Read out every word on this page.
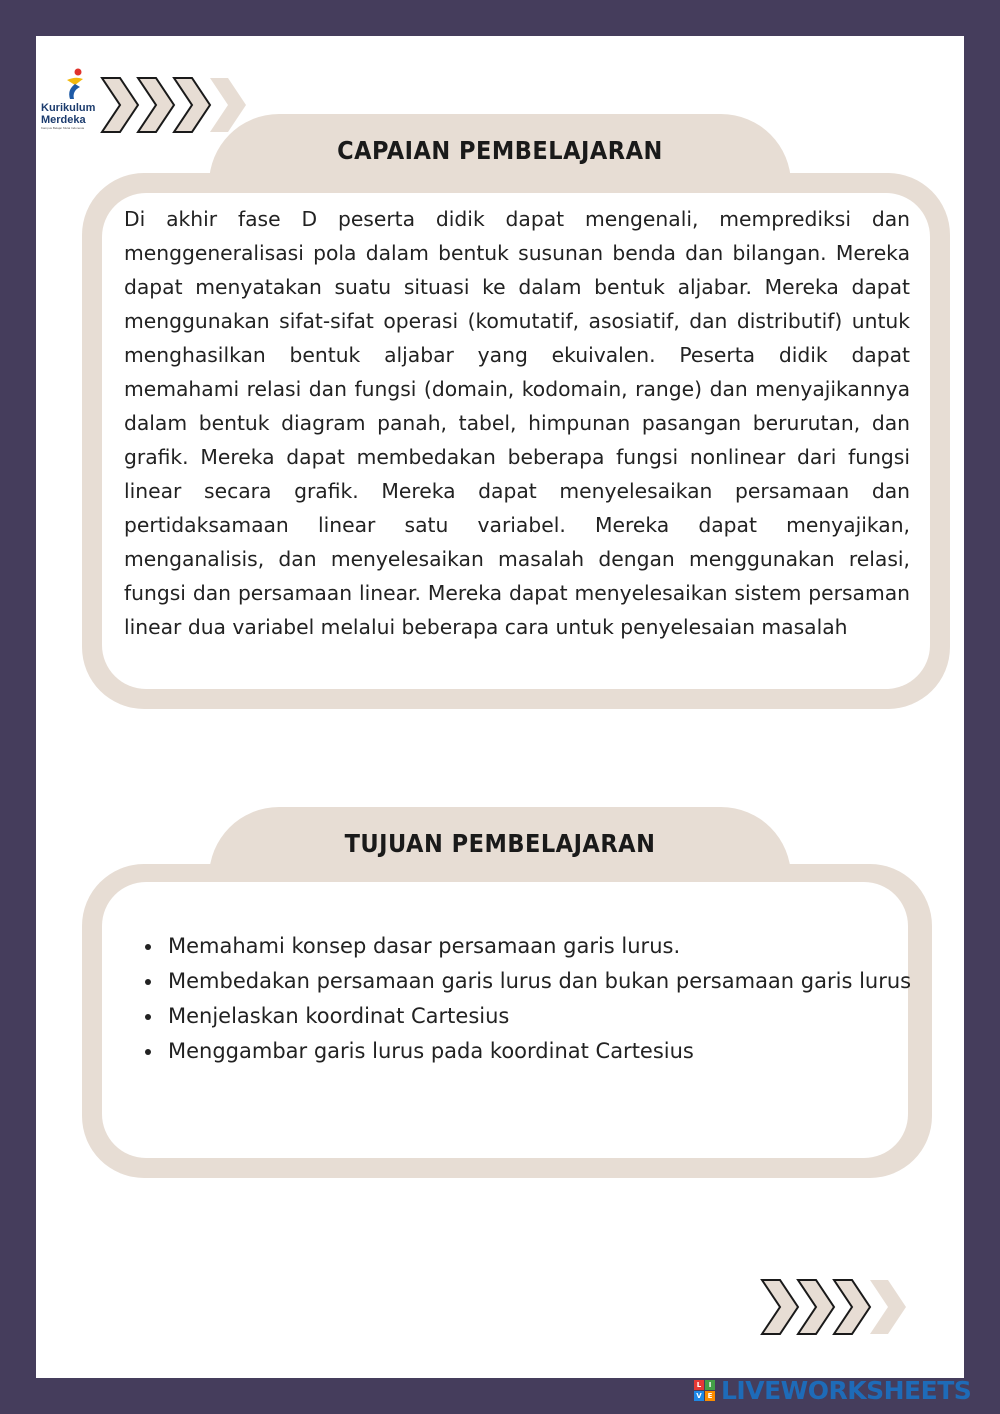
Kurikulum
Merdeka
Kampus Belajar Mulai Indonesia
CAPAIAN PEMBELAJARAN
Di akhir fase D peserta didik dapat mengenali, memprediksi dan menggeneralisasi pola dalam bentuk susunan benda dan bilangan. Mereka dapat menyatakan suatu situasi ke dalam bentuk aljabar. Mereka dapat menggunakan sifat-sifat operasi (komutatif, asosiatif, dan distributif) untuk menghasilkan bentuk aljabar yang ekuivalen. Peserta didik dapat memahami relasi dan fungsi (domain, kodomain, range) dan menyajikannya dalam bentuk diagram panah, tabel, himpunan pasangan berurutan, dan grafik. Mereka dapat membedakan beberapa fungsi nonlinear dari fungsi linear secara grafik. Mereka dapat menyelesaikan persamaan dan pertidaksamaan linear satu variabel. Mereka dapat menyajikan, menganalisis, dan menyelesaikan masalah dengan menggunakan relasi, fungsi dan persamaan linear. Mereka dapat menyelesaikan sistem persaman linear dua variabel melalui beberapa cara untuk penyelesaian masalah
TUJUAN PEMBELAJARAN
• Memahami konsep dasar persamaan garis lurus.
• Membedakan persamaan garis lurus dan bukan persamaan garis lurus
• Menjelaskan koordinat Cartesius
• Menggambar garis lurus pada koordinat Cartesius
L	I
V E LIVEWORKSHEETS
